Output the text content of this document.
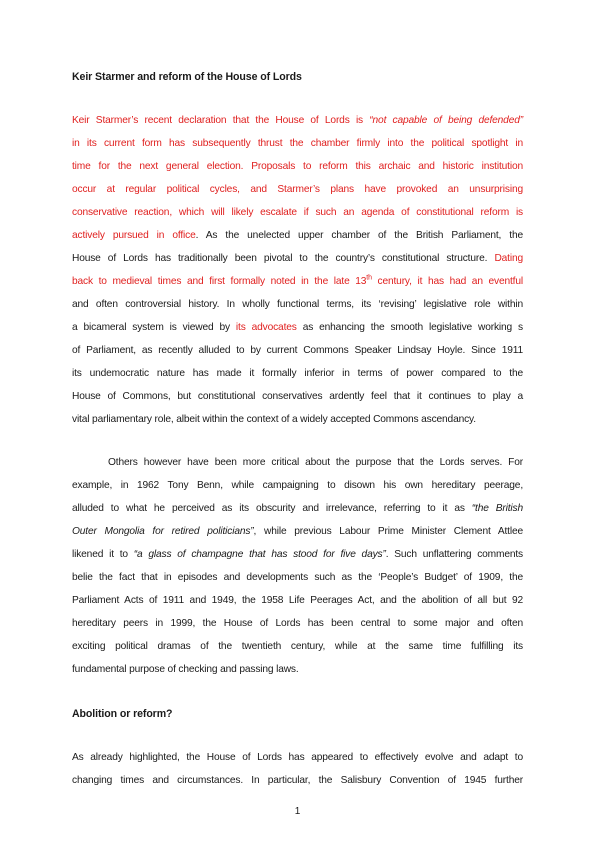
Keir Starmer and reform of the House of Lords
Keir Starmer’s recent declaration that the House of Lords is “not capable of being defended”
in its current form has subsequently thrust the chamber firmly into the political spotlight in
time for the next general election. Proposals to reform this archaic and historic institution
occur at regular political cycles, and Starmer’s plans have provoked an unsurprising
conservative reaction, which will likely escalate if such an agenda of constitutional reform is
actively pursued in office. As the unelected upper chamber of the British Parliament, the
House of Lords has traditionally been pivotal to the country’s constitutional structure. Dating
back to medieval times and first formally noted in the late 13th century, it has had an eventful
and often controversial history. In wholly functional terms, its ‘revising’ legislative role within
a bicameral system is viewed by its advocates as enhancing the smooth legislative working s
of Parliament, as recently alluded to by current Commons Speaker Lindsay Hoyle. Since 1911
its undemocratic nature has made it formally inferior in terms of power compared to the
House of Commons, but constitutional conservatives ardently feel that it continues to play a
vital parliamentary role, albeit within the context of a widely accepted Commons ascendancy.
Others however have been more critical about the purpose that the Lords serves. For
example, in 1962 Tony Benn, while campaigning to disown his own hereditary peerage,
alluded to what he perceived as its obscurity and irrelevance, referring to it as “the British
Outer Mongolia for retired politicians”, while previous Labour Prime Minister Clement Attlee
likened it to “a glass of champagne that has stood for five days”. Such unflattering comments
belie the fact that in episodes and developments such as the ‘People’s Budget’ of 1909, the
Parliament Acts of 1911 and 1949, the 1958 Life Peerages Act, and the abolition of all but 92
hereditary peers in 1999, the House of Lords has been central to some major and often
exciting political dramas of the twentieth century, while at the same time fulfilling its
fundamental purpose of checking and passing laws.
Abolition or reform?
As already highlighted, the House of Lords has appeared to effectively evolve and adapt to
changing times and circumstances. In particular, the Salisbury Convention of 1945 further
1
